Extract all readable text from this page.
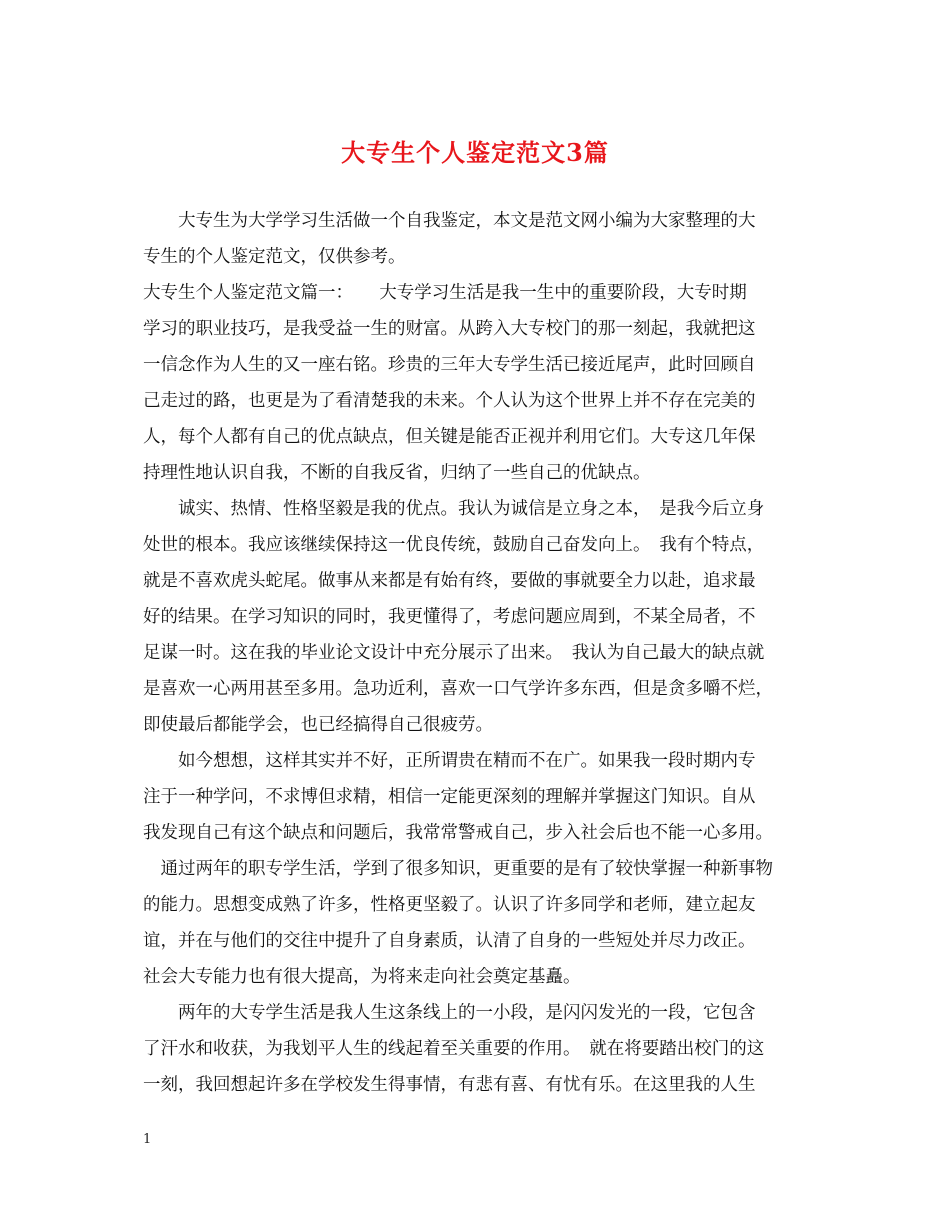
大专生个人鉴定范文3篇
　　大专生为大学学习生活做一个自我鉴定，本文是范文网小编为大家整理的大
专生的个人鉴定范文，仅供参考。
大专生个人鉴定范文篇一：　　大专学习生活是我一生中的重要阶段，大专时期
学习的职业技巧，是我受益一生的财富。从跨入大专校门的那一刻起，我就把这
一信念作为人生的又一座右铭。珍贵的三年大专学生活已接近尾声，此时回顾自
己走过的路，也更是为了看清楚我的未来。个人认为这个世界上并不存在完美的
人，每个人都有自己的优点缺点，但关键是能否正视并利用它们。大专这几年保
持理性地认识自我，不断的自我反省，归纳了一些自己的优缺点。
　　诚实、热情、性格坚毅是我的优点。我认为诚信是立身之本，　是我今后立身
处世的根本。我应该继续保持这一优良传统，鼓励自己奋发向上。　我有个特点，
就是不喜欢虎头蛇尾。做事从来都是有始有终，要做的事就要全力以赴，追求最
好的结果。在学习知识的同时，我更懂得了，考虑问题应周到，不某全局者，不
足谋一时。这在我的毕业论文设计中充分展示了出来。　我认为自己最大的缺点就
是喜欢一心两用甚至多用。急功近利，喜欢一口气学许多东西，但是贪多嚼不烂，
即使最后都能学会，也已经搞得自己很疲劳。
　　如今想想，这样其实并不好，正所谓贵在精而不在广。如果我一段时期内专
注于一种学问，不求博但求精，相信一定能更深刻的理解并掌握这门知识。自从
我发现自己有这个缺点和问题后，我常常警戒自己，步入社会后也不能一心多用。
　通过两年的职专学生活，学到了很多知识，更重要的是有了较快掌握一种新事物
的能力。思想变成熟了许多，性格更坚毅了。认识了许多同学和老师，建立起友
谊，并在与他们的交往中提升了自身素质，认清了自身的一些短处并尽力改正。
社会大专能力也有很大提高，为将来走向社会奠定基矗。
　　两年的大专学生活是我人生这条线上的一小段，是闪闪发光的一段，它包含
了汗水和收获，为我划平人生的线起着至关重要的作用。　就在将要踏出校门的这
一刻，我回想起许多在学校发生得事情，有悲有喜、有忧有乐。在这里我的人生
1
